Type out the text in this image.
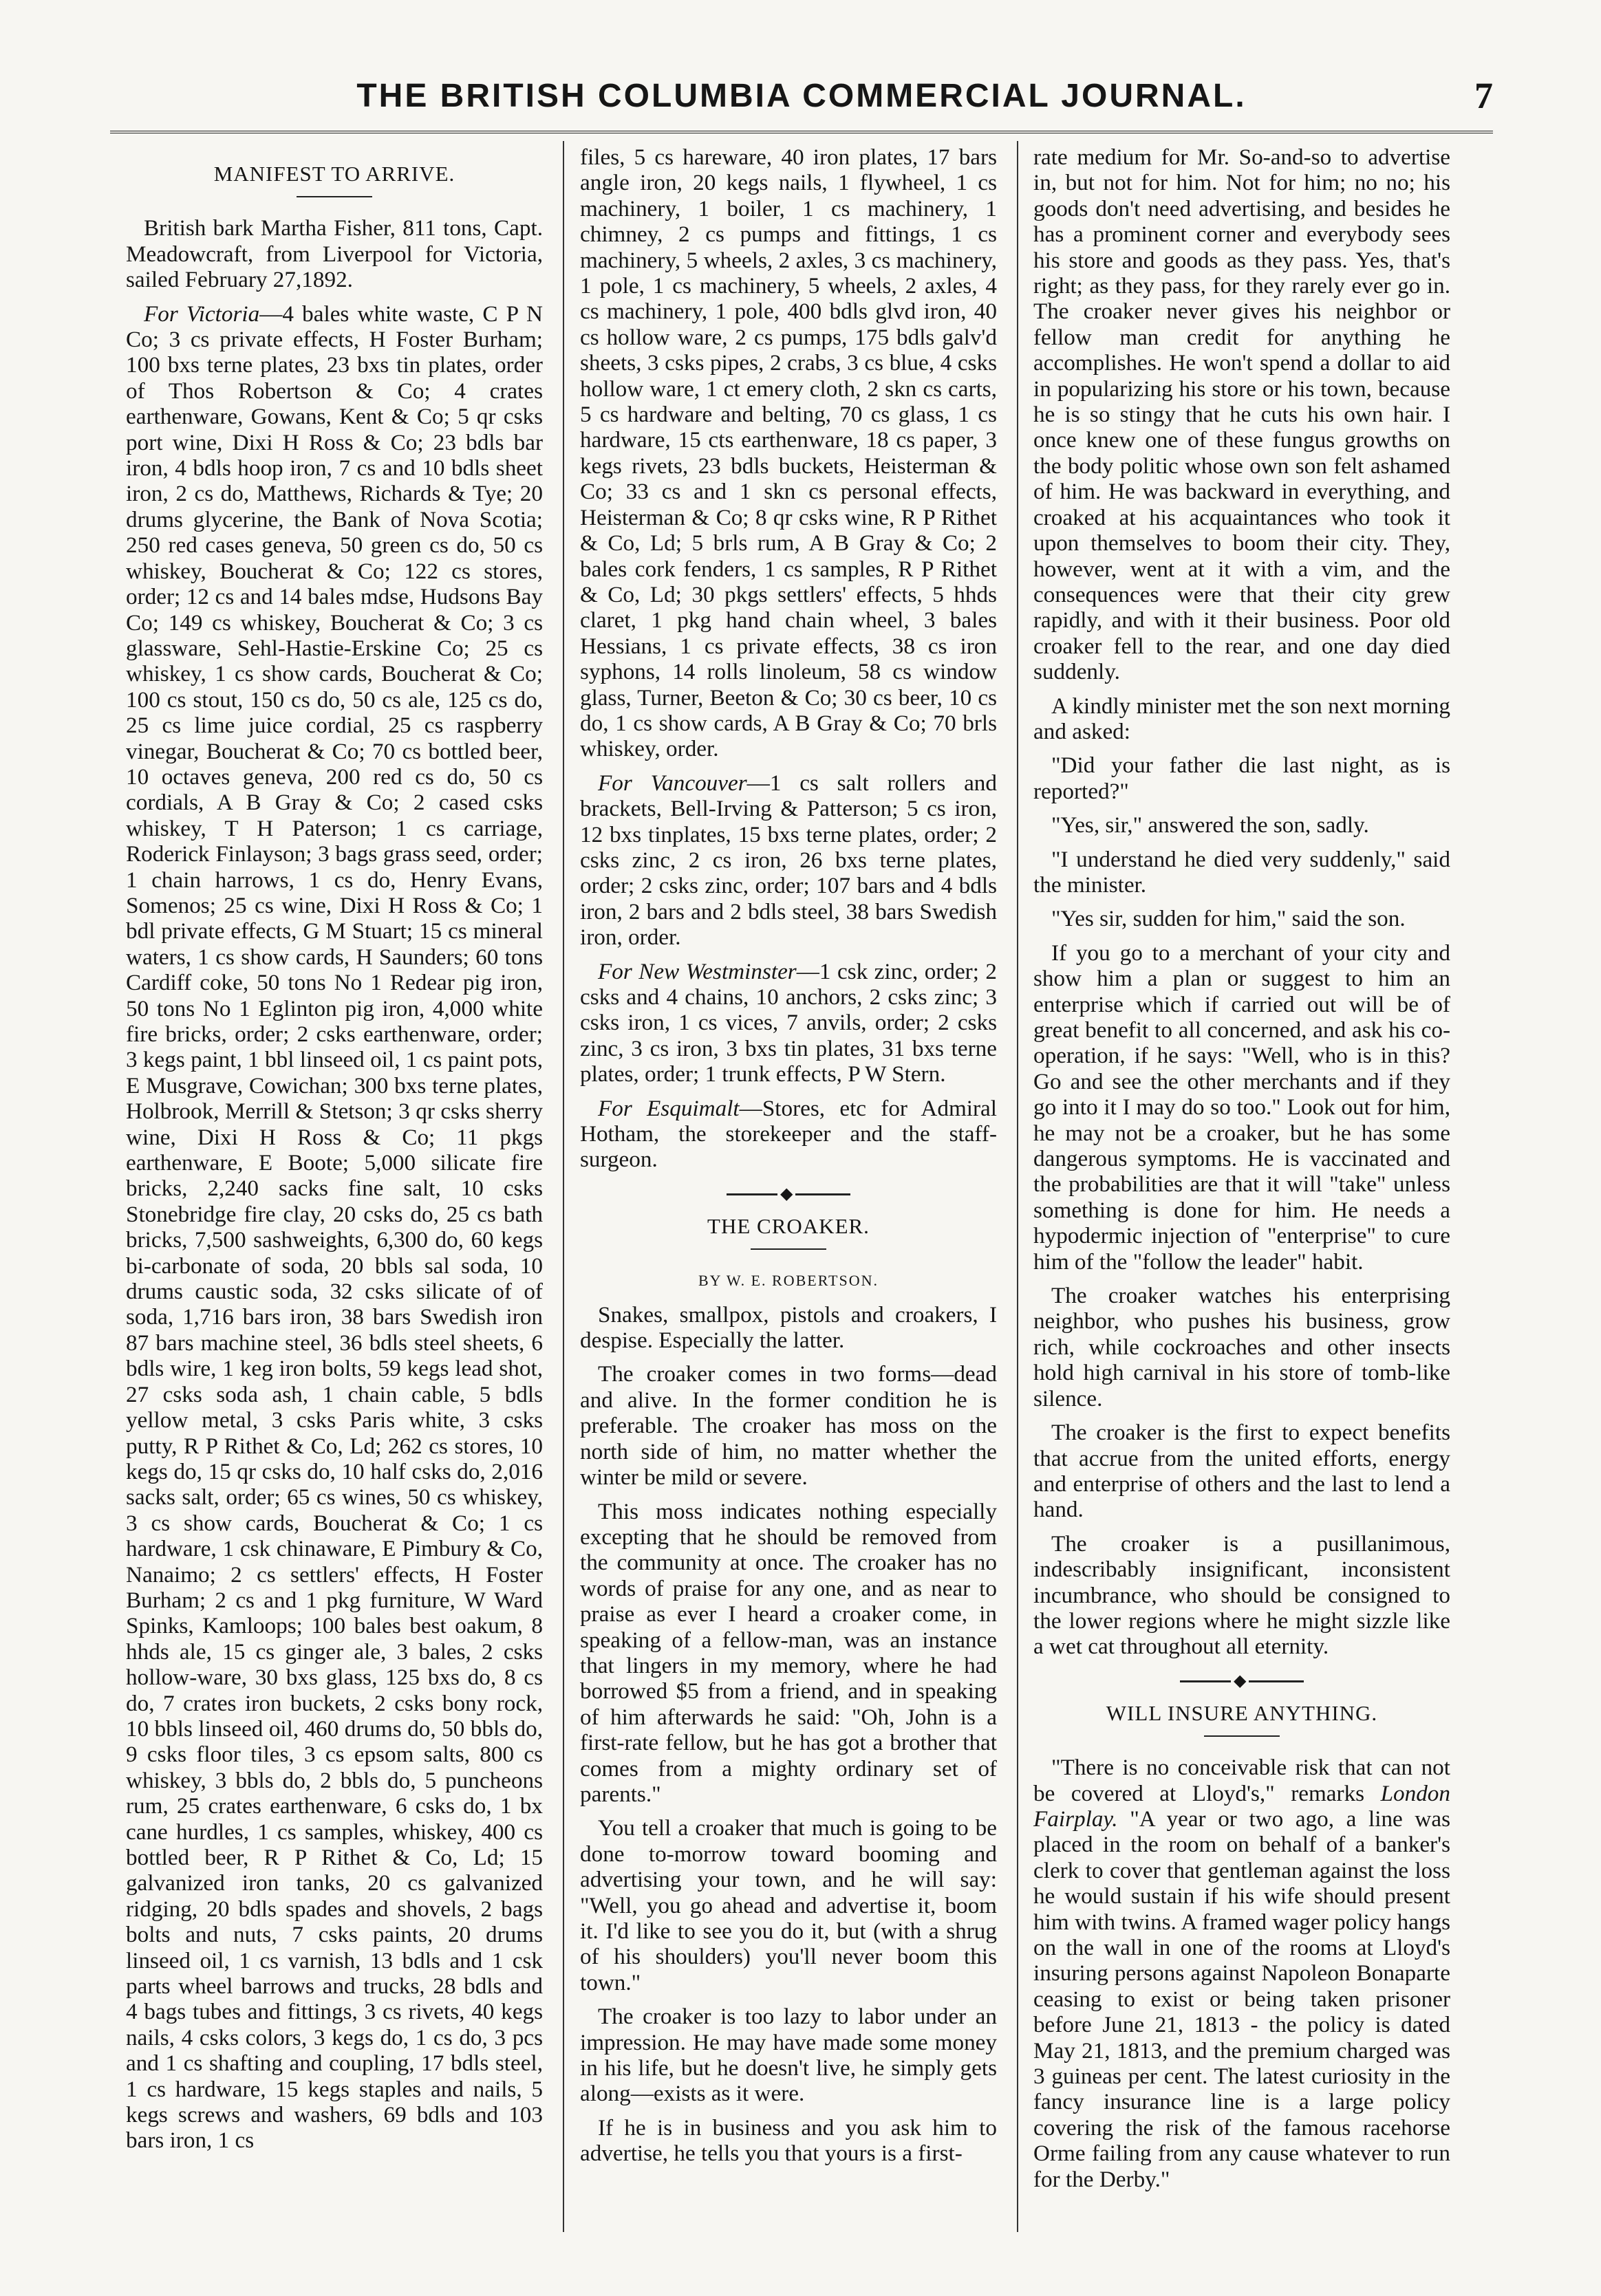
THE BRITISH COLUMBIA COMMERCIAL JOURNAL.	7
MANIFEST TO ARRIVE.

British bark Martha Fisher, 811 tons, Capt. Meadowcraft, from Liverpool for Victoria, sailed February 27,1892.

For Victoria—4 bales white waste, C P N Co; 3 cs private effects, H Foster Burham; 100 bxs terne plates, 23 bxs tin plates, order of Thos Robertson & Co; 4 crates earthenware, Gowans, Kent & Co; 5 qr csks port wine, Dixi H Ross & Co; 23 bdls bar iron, 4 bdls hoop iron, 7 cs and 10 bdls sheet iron, 2 cs do, Matthews, Richards & Tye; 20 drums glycerine, the Bank of Nova Scotia; 250 red cases geneva, 50 green cs do, 50 cs whiskey, Boucherat & Co; 122 cs stores, order; 12 cs and 14 bales mdse, Hudsons Bay Co; 149 cs whiskey, Boucherat & Co; 3 cs glassware, Sehl-Hastie-Erskine Co; 25 cs whiskey, 1 cs show cards, Boucherat & Co; 100 cs stout, 150 cs do, 50 cs ale, 125 cs do, 25 cs lime juice cordial, 25 cs raspberry vinegar, Boucherat & Co; 70 cs bottled beer, 10 octaves geneva, 200 red cs do, 50 cs cordials, A B Gray & Co; 2 cased csks whiskey, T H Paterson; 1 cs carriage, Roderick Finlayson; 3 bags grass seed, order; 1 chain harrows, 1 cs do, Henry Evans, Somenos; 25 cs wine, Dixi H Ross & Co; 1 bdl private effects, G M Stuart; 15 cs mineral waters, 1 cs show cards, H Saunders; 60 tons Cardiff coke, 50 tons No 1 Redear pig iron, 50 tons No 1 Eglinton pig iron, 4,000 white fire bricks, order; 2 csks earthenware, order; 3 kegs paint, 1 bbl linseed oil, 1 cs paint pots, E Musgrave, Cowichan; 300 bxs terne plates, Holbrook, Merrill & Stetson; 3 qr csks sherry wine, Dixi H Ross & Co; 11 pkgs earthenware, E Boote; 5,000 silicate fire bricks, 2,240 sacks fine salt, 10 csks Stonebridge fire clay, 20 csks do, 25 cs bath bricks, 7,500 sashweights, 6,300 do, 60 kegs bi-carbonate of soda, 20 bbls sal soda, 10 drums caustic soda, 32 csks silicate of of soda, 1,716 bars iron, 38 bars Swedish iron 87 bars machine steel, 36 bdls steel sheets, 6 bdls wire, 1 keg iron bolts, 59 kegs lead shot, 27 csks soda ash, 1 chain cable, 5 bdls yellow metal, 3 csks Paris white, 3 csks putty, R P Rithet & Co, Ld; 262 cs stores, 10 kegs do, 15 qr csks do, 10 half csks do, 2,016 sacks salt, order; 65 cs wines, 50 cs whiskey, 3 cs show cards, Boucherat & Co; 1 cs hardware, 1 csk chinaware, E Pimbury & Co, Nanaimo; 2 cs settlers' effects, H Foster Burham; 2 cs and 1 pkg furniture, W Ward Spinks, Kamloops; 100 bales best oakum, 8 hhds ale, 15 cs ginger ale, 3 bales, 2 csks hollow-ware, 30 bxs glass, 125 bxs do, 8 cs do, 7 crates iron buckets, 2 csks bony rock, 10 bbls linseed oil, 460 drums do, 50 bbls do, 9 csks floor tiles, 3 cs epsom salts, 800 cs whiskey, 3 bbls do, 2 bbls do, 5 puncheons rum, 25 crates earthenware, 6 csks do, 1 bx cane hurdles, 1 cs samples, whiskey, 400 cs bottled beer, R P Rithet & Co, Ld; 15 galvanized iron tanks, 20 cs galvanized ridging, 20 bdls spades and shovels, 2 bags bolts and nuts, 7 csks paints, 20 drums linseed oil, 1 cs varnish, 13 bdls and 1 csk parts wheel barrows and trucks, 28 bdls and 4 bags tubes and fittings, 3 cs rivets, 40 kegs nails, 4 csks colors, 3 kegs do, 1 cs do, 3 pcs and 1 cs shafting and coupling, 17 bdls steel, 1 cs hardware, 15 kegs staples and nails, 5 kegs screws and washers, 69 bdls and 103 bars iron, 1 cs

files, 5 cs hareware, 40 iron plates, 17 bars angle iron, 20 kegs nails, 1 flywheel, 1 cs machinery, 1 boiler, 1 cs machinery, 1 chimney, 2 cs pumps and fittings, 1 cs machinery, 5 wheels, 2 axles, 3 cs machinery, 1 pole, 1 cs machinery, 5 wheels, 2 axles, 4 cs machinery, 1 pole, 400 bdls glvd iron, 40 cs hollow ware, 2 cs pumps, 175 bdls galv'd sheets, 3 csks pipes, 2 crabs, 3 cs blue, 4 csks hollow ware, 1 ct emery cloth, 2 skn cs carts, 5 cs hardware and belting, 70 cs glass, 1 cs hardware, 15 cts earthenware, 18 cs paper, 3 kegs rivets, 23 bdls buckets, Heisterman & Co; 33 cs and 1 skn cs personal effects, Heisterman & Co; 8 qr csks wine, R P Rithet & Co, Ld; 5 brls rum, A B Gray & Co; 2 bales cork fenders, 1 cs samples, R P Rithet & Co, Ld; 30 pkgs settlers' effects, 5 hhds claret, 1 pkg hand chain wheel, 3 bales Hessians, 1 cs private effects, 38 cs iron syphons, 14 rolls linoleum, 58 cs window glass, Turner, Beeton & Co; 30 cs beer, 10 cs do, 1 cs show cards, A B Gray & Co; 70 brls whiskey, order.

For Vancouver—1 cs salt rollers and brackets, Bell-Irving & Patterson; 5 cs iron, 12 bxs tinplates, 15 bxs terne plates, order; 2 csks zinc, 2 cs iron, 26 bxs terne plates, order; 2 csks zinc, order; 107 bars and 4 bdls iron, 2 bars and 2 bdls steel, 38 bars Swedish iron, order.

For New Westminster—1 csk zinc, order; 2 csks and 4 chains, 10 anchors, 2 csks zinc; 3 csks iron, 1 cs vices, 7 anvils, order; 2 csks zinc, 3 cs iron, 3 bxs tin plates, 31 bxs terne plates, order; 1 trunk effects, P W Stern.

For Esquimalt—Stores, etc for Admiral Hotham, the storekeeper and the staff-surgeon.

◆
THE CROAKER.
BY W. E. ROBERTSON.

Snakes, smallpox, pistols and croakers, I despise. Especially the latter.

The croaker comes in two forms—dead and alive. In the former condition he is preferable. The croaker has moss on the north side of him, no matter whether the winter be mild or severe.

This moss indicates nothing especially excepting that he should be removed from the community at once. The croaker has no words of praise for any one, and as near to praise as ever I heard a croaker come, in speaking of a fellow-man, was an instance that lingers in my memory, where he had borrowed $5 from a friend, and in speaking of him afterwards he said: "Oh, John is a first-rate fellow, but he has got a brother that comes from a mighty ordinary set of parents."

You tell a croaker that much is going to be done to-morrow toward booming and advertising your town, and he will say: "Well, you go ahead and advertise it, boom it. I'd like to see you do it, but (with a shrug of his shoulders) you'll never boom this town."

The croaker is too lazy to labor under an impression. He may have made some money in his life, but he doesn't live, he simply gets along—exists as it were.

If he is in business and you ask him to advertise, he tells you that yours is a first-

rate medium for Mr. So-and-so to advertise in, but not for him. Not for him; no no; his goods don't need advertising, and besides he has a prominent corner and everybody sees his store and goods as they pass. Yes, that's right; as they pass, for they rarely ever go in. The croaker never gives his neighbor or fellow man credit for anything he accomplishes. He won't spend a dollar to aid in popularizing his store or his town, because he is so stingy that he cuts his own hair. I once knew one of these fungus growths on the body politic whose own son felt ashamed of him. He was backward in everything, and croaked at his acquaintances who took it upon themselves to boom their city. They, however, went at it with a vim, and the consequences were that their city grew rapidly, and with it their business. Poor old croaker fell to the rear, and one day died suddenly.

A kindly minister met the son next morning and asked:

"Did your father die last night, as is reported?"

"Yes, sir," answered the son, sadly.

"I understand he died very suddenly," said the minister.

"Yes sir, sudden for him," said the son.

If you go to a merchant of your city and show him a plan or suggest to him an enterprise which if carried out will be of great benefit to all concerned, and ask his co-operation, if he says: "Well, who is in this? Go and see the other merchants and if they go into it I may do so too." Look out for him, he may not be a croaker, but he has some dangerous symptoms. He is vaccinated and the probabilities are that it will "take" unless something is done for him. He needs a hypodermic injection of "enterprise" to cure him of the "follow the leader" habit.

The croaker watches his enterprising neighbor, who pushes his business, grow rich, while cockroaches and other insects hold high carnival in his store of tomb-like silence.

The croaker is the first to expect benefits that accrue from the united efforts, energy and enterprise of others and the last to lend a hand.

The croaker is a pusillanimous, indescribably insignificant, inconsistent incumbrance, who should be consigned to the lower regions where he might sizzle like a wet cat throughout all eternity.

◆
WILL INSURE ANYTHING.

"There is no conceivable risk that can not be covered at Lloyd's," remarks London Fairplay. "A year or two ago, a line was placed in the room on behalf of a banker's clerk to cover that gentleman against the loss he would sustain if his wife should present him with twins. A framed wager policy hangs on the wall in one of the rooms at Lloyd's insuring persons against Napoleon Bonaparte ceasing to exist or being taken prisoner before June 21, 1813 - the policy is dated May 21, 1813, and the premium charged was 3 guineas per cent. The latest curiosity in the fancy insurance line is a large policy covering the risk of the famous racehorse Orme failing from any cause whatever to run for the Derby."
